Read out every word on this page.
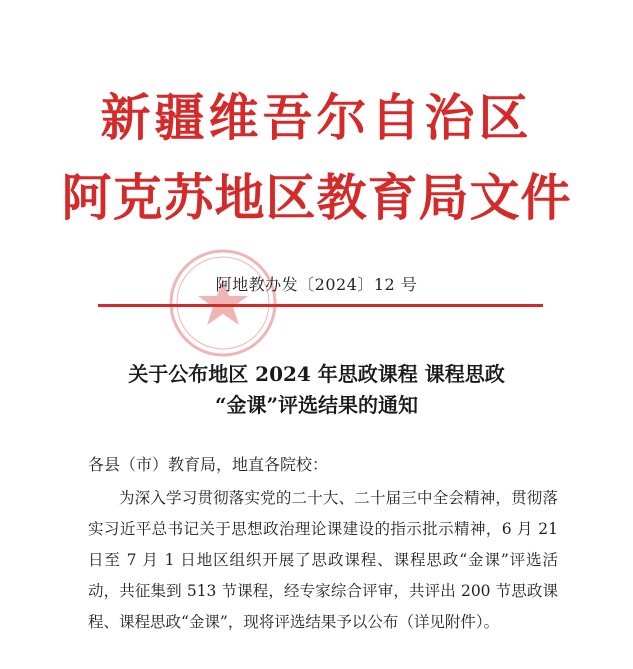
新疆维吾尔自治区
阿克苏地区教育局文件
阿地教办发〔2024〕12 号
关于公布地区 2024 年思政课程 课程思政
“金课”评选结果的通知
各县（市）教育局，地直各院校：
为深入学习贯彻落实党的二十大、二十届三中全会精神，贯彻落实习近平总书记关于思想政治理论课建设的指示批示精神，6 月 21 日至 7 月 1 日地区组织开展了思政课程、课程思政“金课”评选活动，共征集到 513 节课程，经专家综合评审，共评出 200 节思政课程、课程思政“金课”，现将评选结果予以公布（详见附件）。
